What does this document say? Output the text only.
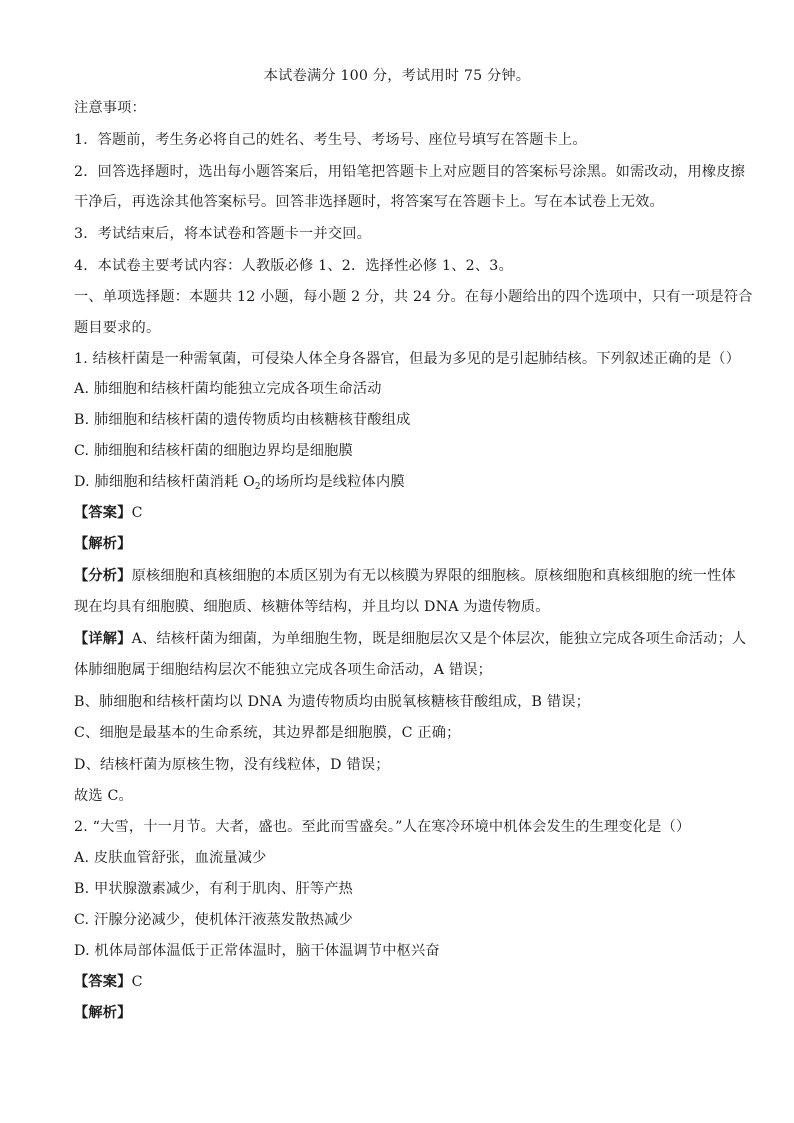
本试卷满分 100 分，考试用时 75 分钟。
注意事项：
1．答题前，考生务必将自己的姓名、考生号、考场号、座位号填写在答题卡上。
2．回答选择题时，选出每小题答案后，用铅笔把答题卡上对应题目的答案标号涂黑。如需改动，用橡皮擦
干净后，再选涂其他答案标号。回答非选择题时，将答案写在答题卡上。写在本试卷上无效。
3．考试结束后，将本试卷和答题卡一并交回。
4．本试卷主要考试内容：人教版必修 1、2．选择性必修 1、2、3。
一、单项选择题：本题共 12 小题，每小题 2 分，共 24 分。在每小题给出的四个选项中，只有一项是符合
题目要求的。
1. 结核杆菌是一种需氧菌，可侵染人体全身各器官，但最为多见的是引起肺结核。下列叙述正确的是（）
A. 肺细胞和结核杆菌均能独立完成各项生命活动
B. 肺细胞和结核杆菌的遗传物质均由核糖核苷酸组成
C. 肺细胞和结核杆菌的细胞边界均是细胞膜
D. 肺细胞和结核杆菌消耗 $O_2$的场所均是线粒体内膜
【答案】C
【解析】
【分析】原核细胞和真核细胞的本质区别为有无以核膜为界限的细胞核。原核细胞和真核细胞的统一性体
现在均具有细胞膜、细胞质、核糖体等结构，并且均以 DNA 为遗传物质。
【详解】A、结核杆菌为细菌，为单细胞生物，既是细胞层次又是个体层次，能独立完成各项生命活动；人
体肺细胞属于细胞结构层次不能独立完成各项生命活动，A 错误；
B、肺细胞和结核杆菌均以 DNA 为遗传物质均由脱氧核糖核苷酸组成，B 错误；
C、细胞是最基本的生命系统，其边界都是细胞膜，C 正确；
D、结核杆菌为原核生物，没有线粒体，D 错误；
故选 C。
2. “大雪，十一月节。大者，盛也。至此而雪盛矣。”人在寒冷环境中机体会发生的生理变化是（）
A. 皮肤血管舒张，血流量减少
B. 甲状腺激素减少，有利于肌肉、肝等产热
C. 汗腺分泌减少，使机体汗液蒸发散热减少
D. 机体局部体温低于正常体温时，脑干体温调节中枢兴奋
【答案】C
【解析】
